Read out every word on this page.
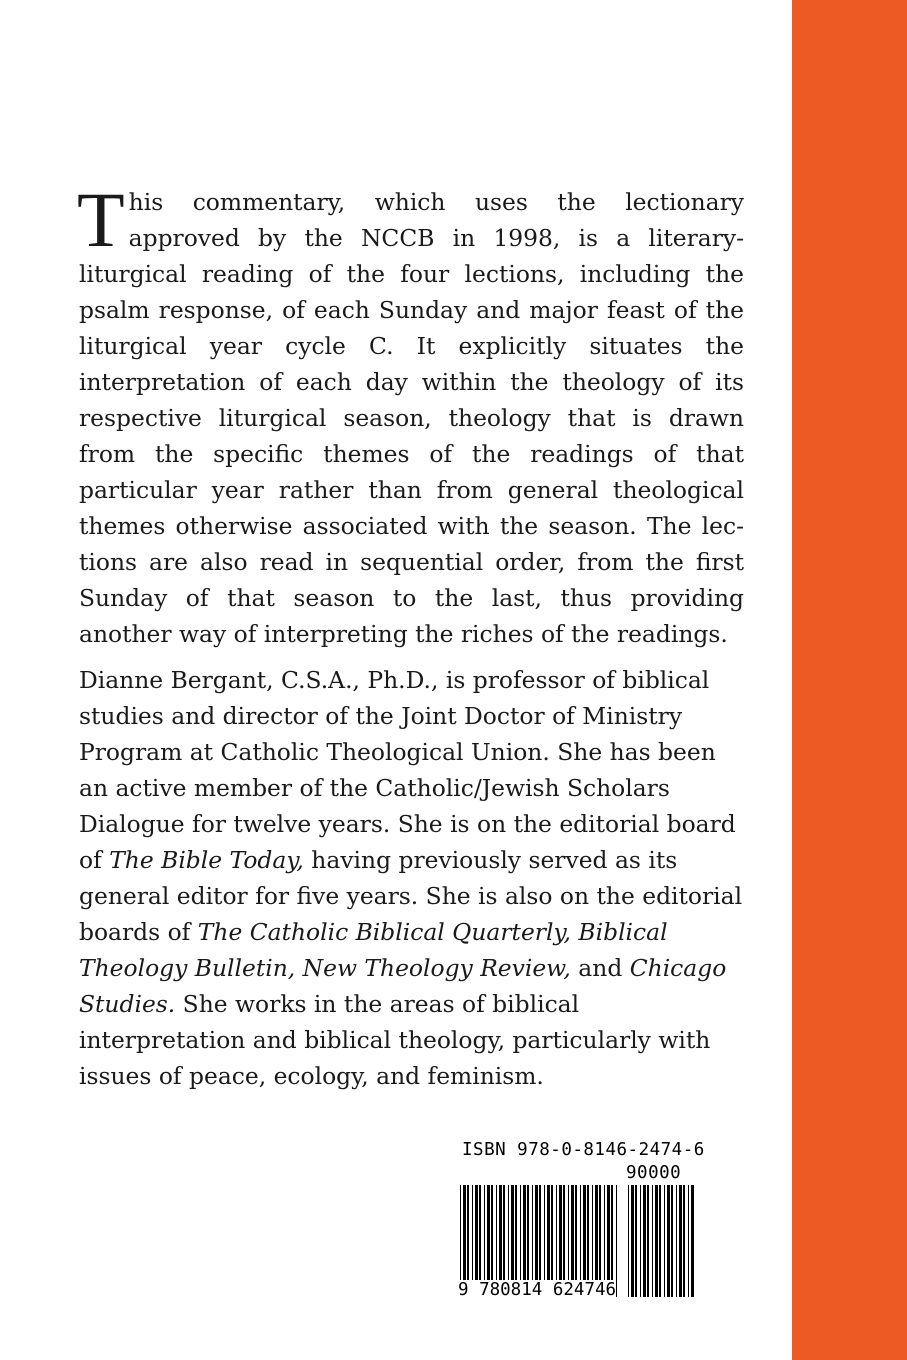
This commentary, which uses the lectionary approved by the NCCB in 1998, is a literary-liturgical reading of the four lections, including the psalm response, of each Sunday and major feast of the liturgical year cycle C. It explicitly situates the interpretation of each day within the theology of its respective liturgical season, theology that is drawn from the specific themes of the readings of that particular year rather than from general theological themes otherwise associated with the season. The lections are also read in sequential order, from the first Sunday of that season to the last, thus providing another way of interpreting the riches of the readings.

Dianne Bergant, C.S.A., Ph.D., is professor of biblical studies and director of the Joint Doctor of Ministry Program at Catholic Theological Union. She has been an active member of the Catholic/Jewish Scholars Dialogue for twelve years. She is on the editorial board of The Bible Today, having previously served as its general editor for five years. She is also on the editorial boards of The Catholic Biblical Quarterly, Biblical Theology Bulletin, New Theology Review, and Chicago Studies. She works in the areas of biblical interpretation and biblical theology, particularly with issues of peace, ecology, and feminism.

ISBN 978-0-8146-2474-6
90000
9 780814 624746
